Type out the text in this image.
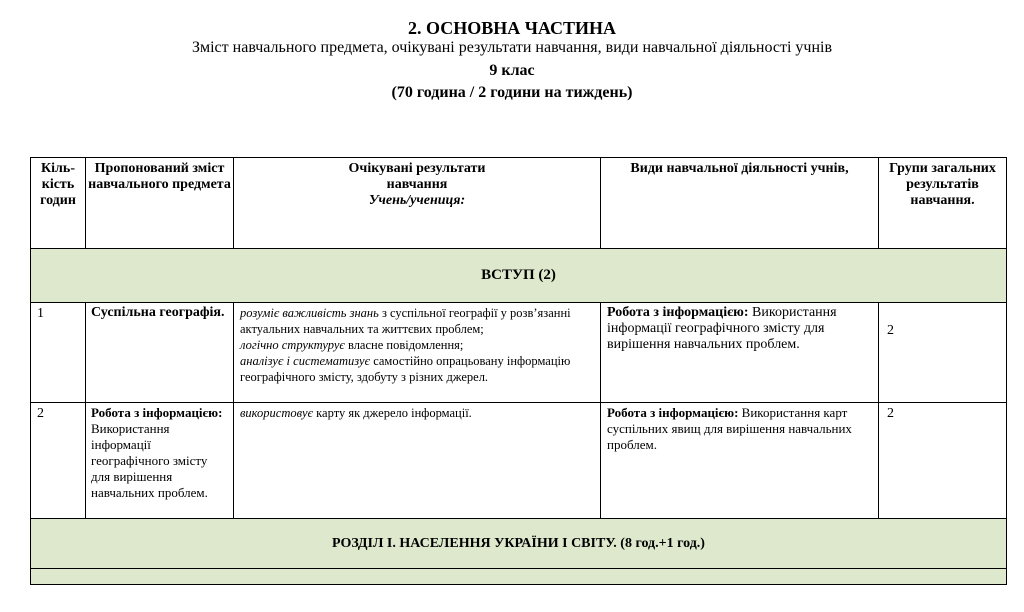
2. ОСНОВНА ЧАСТИНА
Зміст навчального предмета, очікувані результати навчання, види навчальної діяльності учнів
9 клас
(70 година / 2 години на тиждень)
Кіль-кість годин	Пропонований зміст навчального предмета	Очікувані результати
навчання
Учень/учениця:	Види навчальної діяльності учнів,	Групи загальних результатів навчання.
ВСТУП (2)				
1	Суспільна географія.	розуміє важливість знань з суспільної географії у розв’язанні актуальних навчальних та життєвих проблем;
логічно структурує власне повідомлення;
аналізує і систематизує самостійно опрацьовану інформацію географічного змісту, здобуту з різних джерел.	Робота з інформацією: Використання інформації географічного змісту для вирішення навчальних проблем.	2
2	Робота з інформацією:
Використання інформації географічного змісту для вирішення навчальних проблем.	використовує карту як джерело інформації.	Робота з інформацією: Використання карт суспільних явищ для вирішення навчальних проблем.	2
РОЗДІЛ І. НАСЕЛЕННЯ УКРАЇНИ І СВІТУ. (8 год.+1 год.)				
